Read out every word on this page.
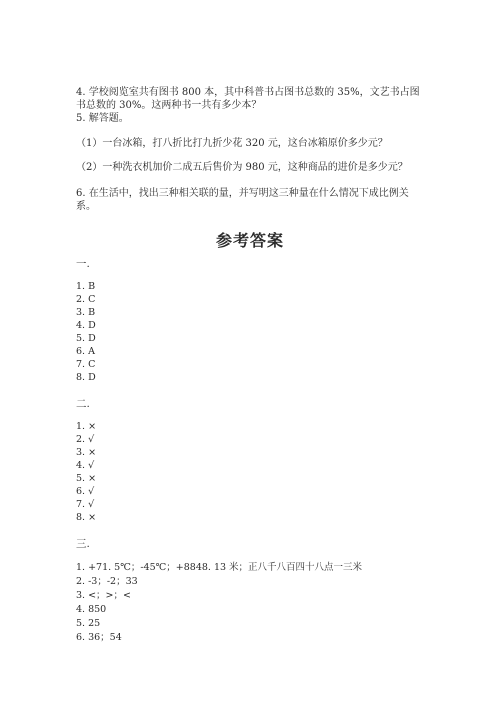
4. 学校阅览室共有图书 800 本，其中科普书占图书总数的 35%，文艺书占图书总数的 30%。这两种书一共有多少本？
5. 解答题。
（1）一台冰箱，打八折比打九折少花 320 元，这台冰箱原价多少元？
（2）一种洗衣机加价二成五后售价为 980 元，这种商品的进价是多少元？
6. 在生活中，找出三种相关联的量，并写明这三种量在什么情况下成比例关系。
参考答案
一.
1. B
2. C
3. B
4. D
5. D
6. A
7. C
8. D
二.
1. ×
2. √
3. ×
4. √
5. ×
6. √
7. √
8. ×
三.
1. +71. 5℃；-45℃；+8848. 13 米；正八千八百四十八点一三米
2. -3；-2；33
3. <；>；<
4. 850
5. 25
6. 36；54
